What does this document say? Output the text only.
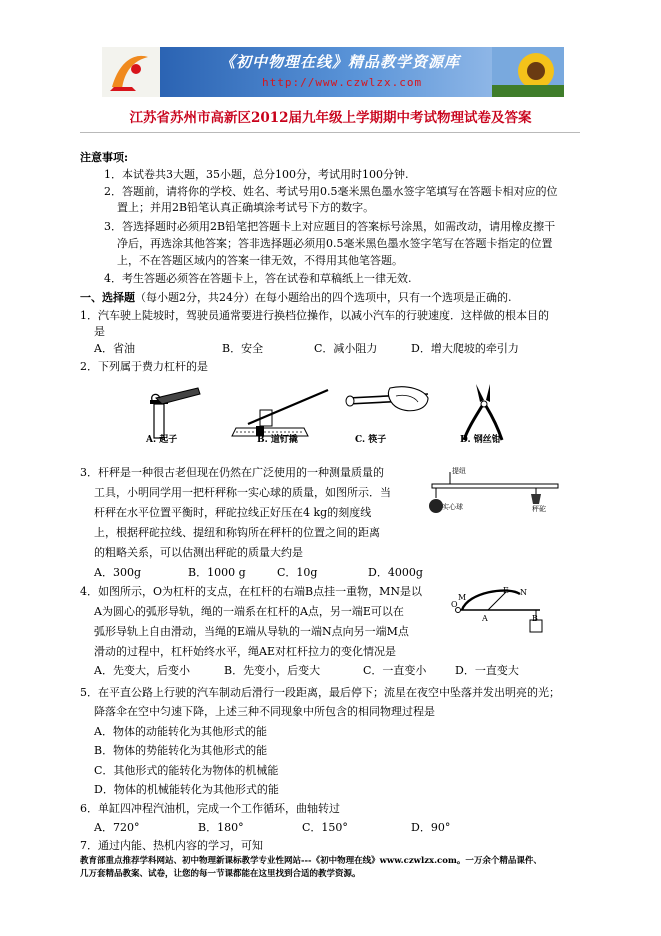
《初中物理在线》精品教学资源库
http://www.czwlzx.com
江苏省苏州市高新区2012届九年级上学期期中考试物理试卷及答案
注意事项:
1．本试卷共3大题，35小题，总分100分，考试用时100分钟.
2．答题前，请将你的学校、姓名、考试号用0.5毫米黑色墨水签字笔填写在答题卡相对应的位
置上；并用2B铅笔认真正确填涂考试号下方的数字。
3．答选择题时必须用2B铅笔把答题卡上对应题目的答案标号涂黑，如需改动，请用橡皮擦干
净后，再选涂其他答案；答非选择题必须用0.5毫米黑色墨水签字笔写在答题卡指定的位置
上，不在答题区域内的答案一律无效，不得用其他笔答题。
4．考生答题必须答在答题卡上，答在试卷和草稿纸上一律无效.
一、选择题（每小题2分，共24分）在每小题给出的四个选项中，只有一个选项是正确的.
1．汽车驶上陡坡时，驾驶员通常要进行换档位操作，以减小汽车的行驶速度．这样做的根本目的
是
A．省油	B．安全	C．减小阻力	D．增大爬坡的牵引力
2．下列属于费力杠杆的是
A. 起子	B. 道钉撬	C. 筷子	D. 钢丝钳
3．杆秤是一种很古老但现在仍然在广泛使用的一种测量质量的
工具，小明同学用一把杆秤称一实心球的质量，如图所示．当
杆秤在水平位置平衡时，秤砣拉线正好压在4 kg的刻度线
上，根据秤砣拉线、提纽和称钩所在秤杆的位置之间的距离
的粗略关系，可以估测出秤砣的质量大约是
A．300g	B．1000 g	C．10g	D．4000g
提纽
实心球	秤砣
4．如图所示，O为杠杆的支点，在杠杆的右端B点挂一重物，MN是以
A为圆心的弧形导轨，绳的一端系在杠杆的A点，另一端E可以在
弧形导轨上自由滑动，当绳的E端从导轨的一端N点向另一端M点
滑动的过程中，杠杆始终水平，绳AE对杠杆拉力的变化情况是
A．先变大，后变小	B．先变小，后变大	C．一直变小	D．一直变大
O
A	B
M
E N
5．在平直公路上行驶的汽车制动后滑行一段距离，最后停下；流星在夜空中坠落并发出明亮的光；
降落伞在空中匀速下降，上述三种不同现象中所包含的相同物理过程是
A．物体的动能转化为其他形式的能
B．物体的势能转化为其他形式的能
C．其他形式的能转化为物体的机械能
D．物体的机械能转化为其他形式的能
6．单缸四冲程汽油机，完成一个工作循环，曲轴转过
A．720°	B．180°	C．150°	D．90°
7．通过内能、热机内容的学习，可知
教育部重点推荐学科网站、初中物理新课标教学专业性网站---《初中物理在线》www.czwlzx.com。一万余个精品课件、
几万套精品教案、试卷，让您的每一节课都能在这里找到合适的教学资源。
